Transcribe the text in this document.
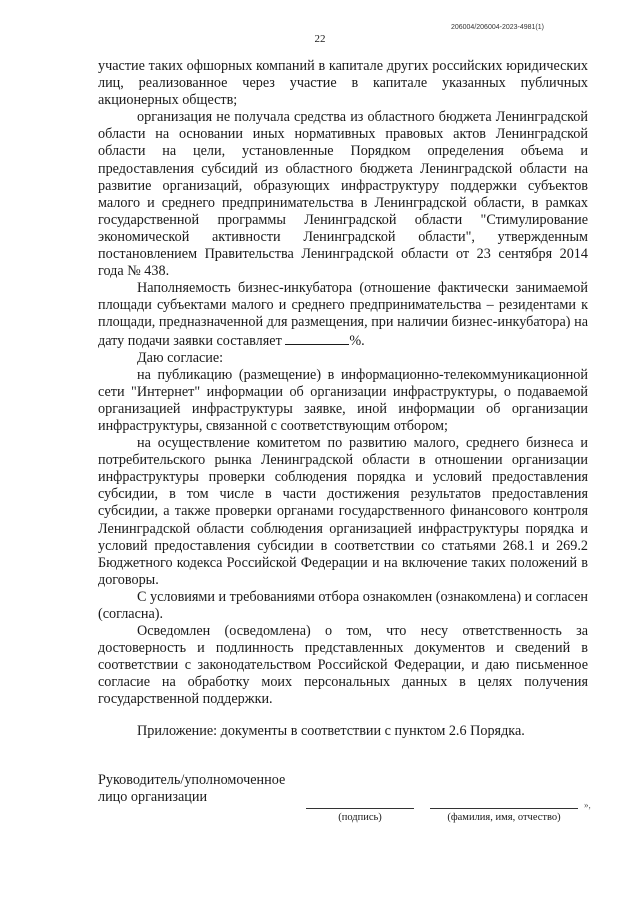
206004/206004-2023-4981(1)
22

участие таких офшорных компаний в капитале других российских юридических лиц, реализованное через участие в капитале указанных публичных акционерных обществ;

организация не получала средства из областного бюджета Ленинградской области на основании иных нормативных правовых актов Ленинградской области на цели, установленные Порядком определения объема и предоставления субсидий из областного бюджета Ленинградской области на развитие организаций, образующих инфраструктуру поддержки субъектов малого и среднего предпринимательства в Ленинградской области, в рамках государственной программы Ленинградской области "Стимулирование экономической активности Ленинградской области", утвержденным постановлением Правительства Ленинградской области от 23 сентября 2014 года № 438.

Наполняемость бизнес-инкубатора (отношение фактически занимаемой площади субъектами малого и среднего предпринимательства – резидентами к площади, предназначенной для размещения, при наличии бизнес-инкубатора) на дату подачи заявки составляет	%.

Даю согласие:

на публикацию (размещение) в информационно-телекоммуникационной сети "Интернет" информации об организации инфраструктуры, о подаваемой организацией инфраструктуры заявке, иной информации об организации инфраструктуры, связанной с соответствующим отбором;

на осуществление комитетом по развитию малого, среднего бизнеса и потребительского рынка Ленинградской области в отношении организации инфраструктуры проверки соблюдения порядка и условий предоставления субсидии, в том числе в части достижения результатов предоставления субсидии, а также проверки органами государственного финансового контроля Ленинградской области соблюдения организацией инфраструктуры порядка и условий предоставления субсидии в соответствии со статьями 268.1 и 269.2 Бюджетного кодекса Российской Федерации и на включение таких положений в договоры.

С условиями и требованиями отбора ознакомлен (ознакомлена) и согласен (согласна).

Осведомлен (осведомлена) о том, что несу ответственность за достоверность и подлинность представленных документов и сведений в соответствии с законодательством Российской Федерации, и даю письменное согласие на обработку моих персональных данных в целях получения государственной поддержки.

Приложение: документы в соответствии с пунктом 2.6 Порядка.

Руководитель/уполномоченное

лицо организации

(подпись)	(фамилия, имя, отчество)
»,
